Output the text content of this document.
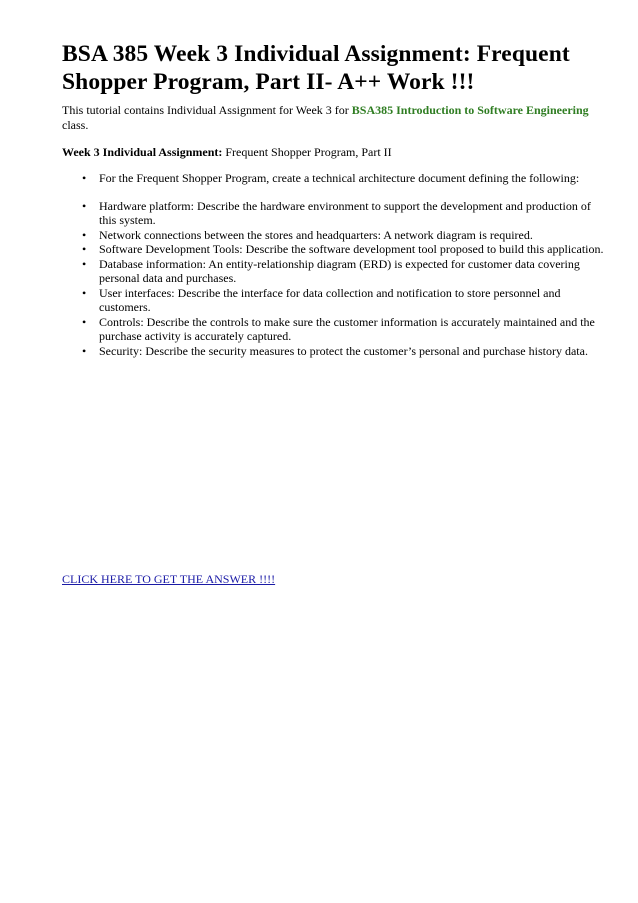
BSA 385 Week 3 Individual Assignment: Frequent Shopper Program, Part II- A++ Work !!!

This tutorial contains Individual Assignment for Week 3 for BSA385 Introduction to Software Engineering class.

Week 3 Individual Assignment: Frequent Shopper Program, Part II

• For the Frequent Shopper Program, create a technical architecture document defining the following:
• Hardware platform: Describe the hardware environment to support the development and production of this system.
• Network connections between the stores and headquarters: A network diagram is required.
• Software Development Tools: Describe the software development tool proposed to build this application.
• Database information: An entity-relationship diagram (ERD) is expected for customer data covering personal data and purchases.
• User interfaces: Describe the interface for data collection and notification to store personnel and customers.
• Controls: Describe the controls to make sure the customer information is accurately maintained and the purchase activity is accurately captured.
• Security: Describe the security measures to protect the customer’s personal and purchase history data.
CLICK HERE TO GET THE ANSWER !!!!
